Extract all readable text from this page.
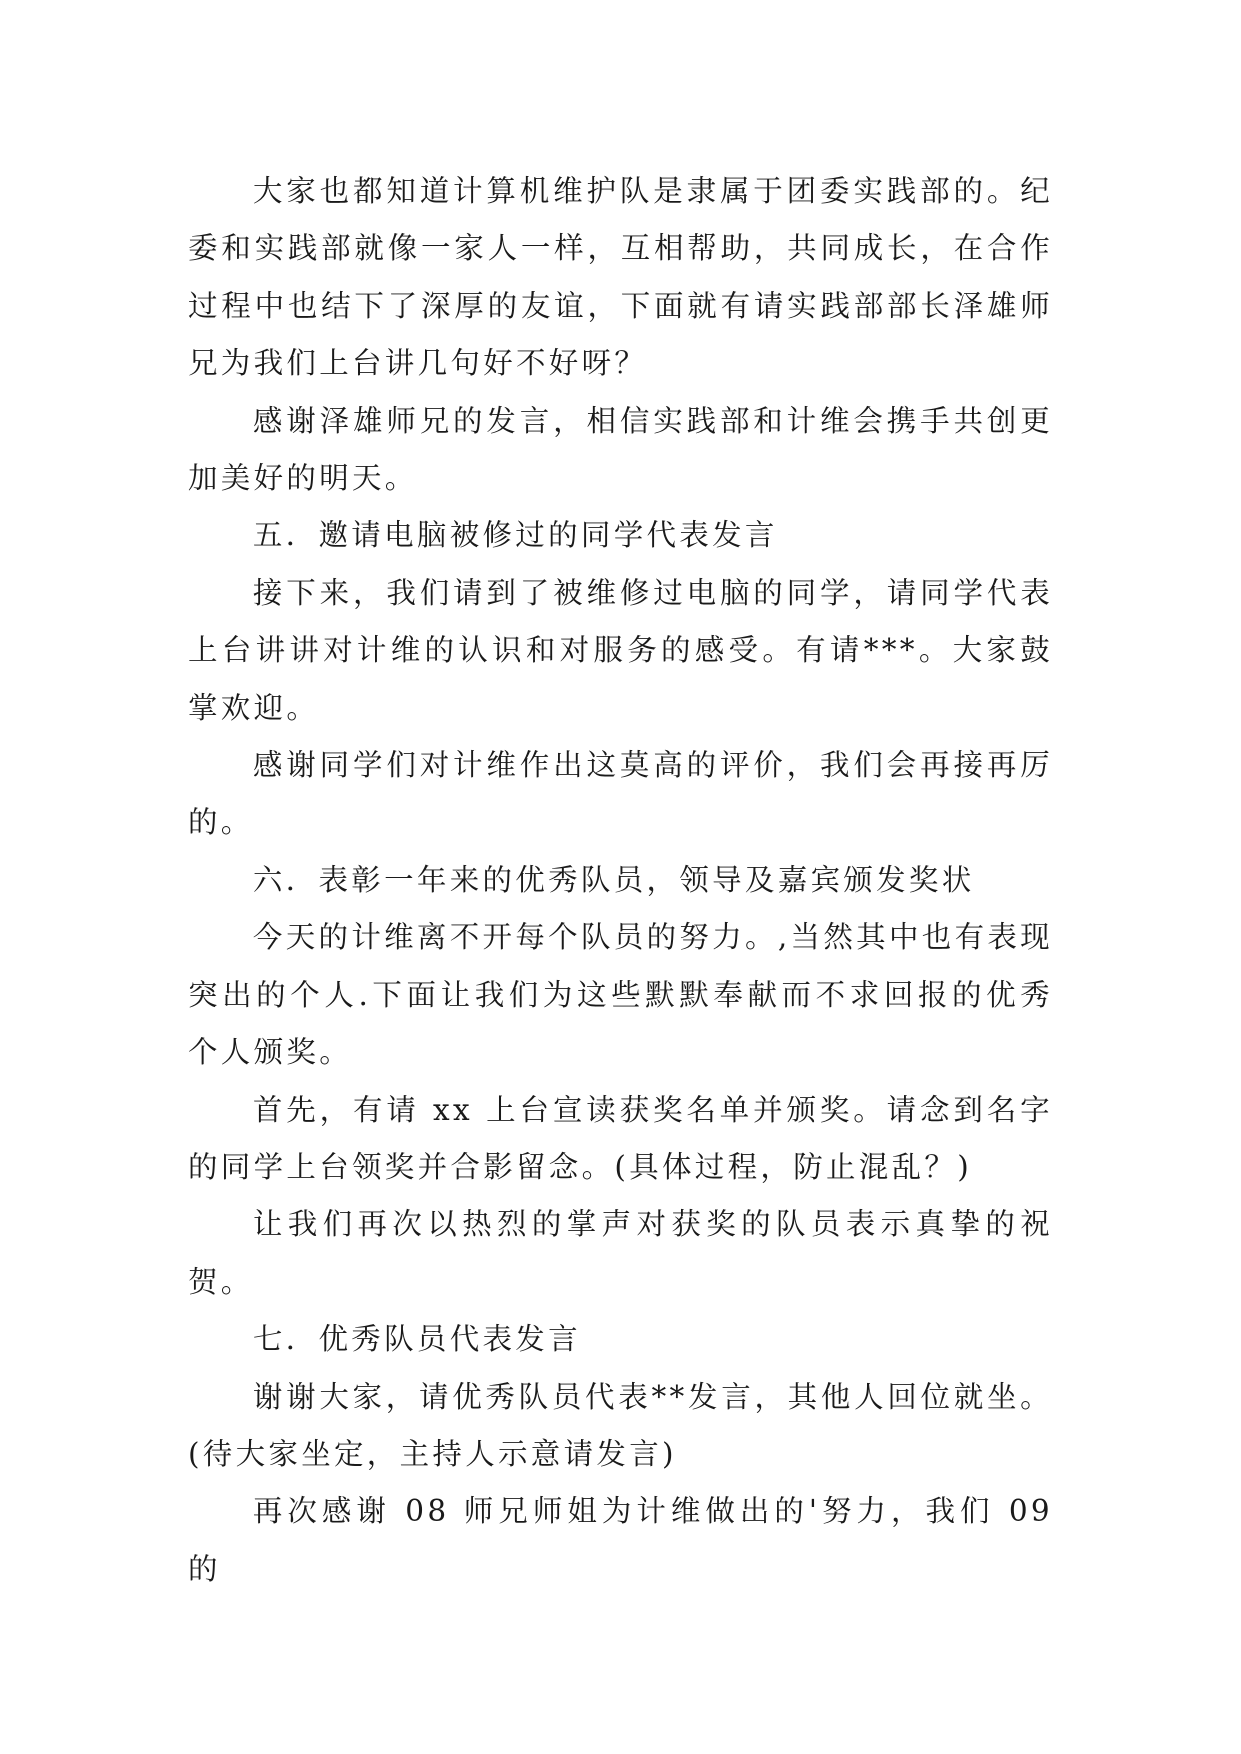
大家也都知道计算机维护队是隶属于团委实践部的。纪委和实践部就像一家人一样，互相帮助，共同成长，在合作过程中也结下了深厚的友谊，下面就有请实践部部长泽雄师兄为我们上台讲几句好不好呀？

感谢泽雄师兄的发言，相信实践部和计维会携手共创更加美好的明天。

五．邀请电脑被修过的同学代表发言

接下来，我们请到了被维修过电脑的同学，请同学代表上台讲讲对计维的认识和对服务的感受。有请***。大家鼓掌欢迎。

感谢同学们对计维作出这莫高的评价，我们会再接再厉的。

六．表彰一年来的优秀队员，领导及嘉宾颁发奖状

今天的计维离不开每个队员的努力。,当然其中也有表现突出的个人.下面让我们为这些默默奉献而不求回报的优秀个人颁奖。

首先，有请 xx 上台宣读获奖名单并颁奖。请念到名字的同学上台领奖并合影留念。(具体过程，防止混乱？)

让我们再次以热烈的掌声对获奖的队员表示真挚的祝贺。

七．优秀队员代表发言

谢谢大家，请优秀队员代表**发言，其他人回位就坐。(待大家坐定，主持人示意请发言)

再次感谢 08 师兄师姐为计维做出的'努力，我们 09 的
